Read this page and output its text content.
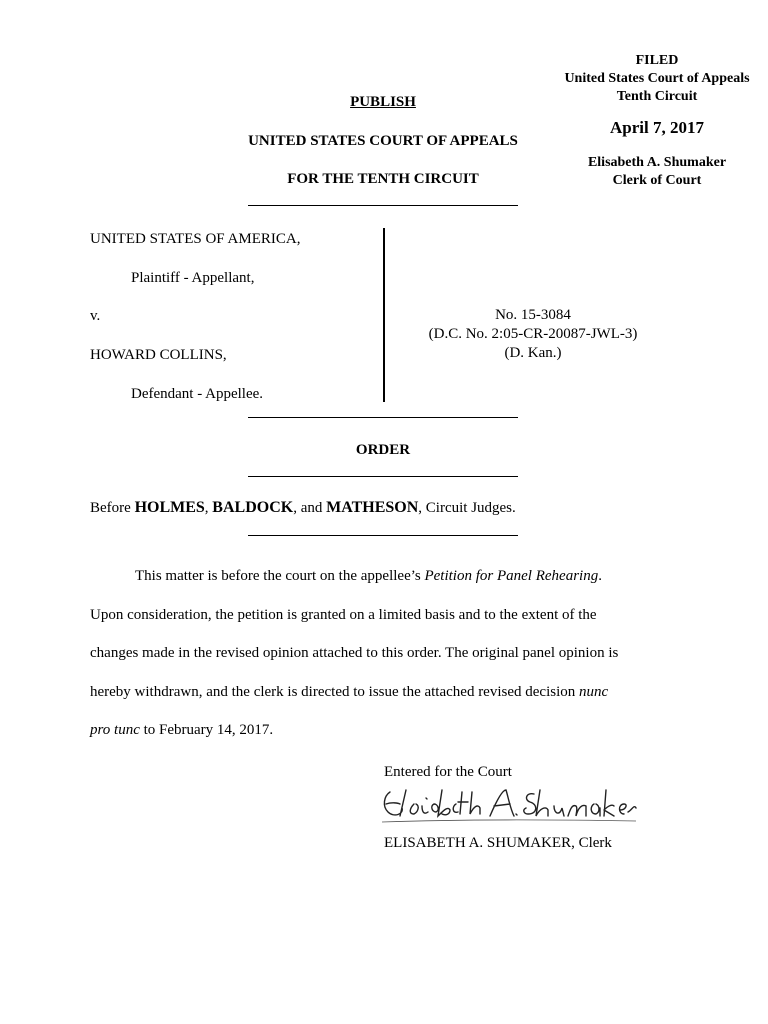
FILED
United States Court of Appeals
Tenth Circuit
April 7, 2017
Elisabeth A. Shumaker
Clerk of Court
PUBLISH
UNITED STATES COURT OF APPEALS
FOR THE TENTH CIRCUIT
UNITED STATES OF AMERICA,
Plaintiff - Appellant,
v.
HOWARD COLLINS,
Defendant - Appellee.
No. 15-3084
(D.C. No. 2:05-CR-20087-JWL-3)
(D. Kan.)
ORDER
Before HOLMES, BALDOCK, and MATHESON, Circuit Judges.
This matter is before the court on the appellee’s Petition for Panel Rehearing.
Upon consideration, the petition is granted on a limited basis and to the extent of the
changes made in the revised opinion attached to this order. The original panel opinion is
hereby withdrawn, and the clerk is directed to issue the attached revised decision nunc
pro tunc to February 14, 2017.
Entered for the Court
ELISABETH A. SHUMAKER, Clerk
